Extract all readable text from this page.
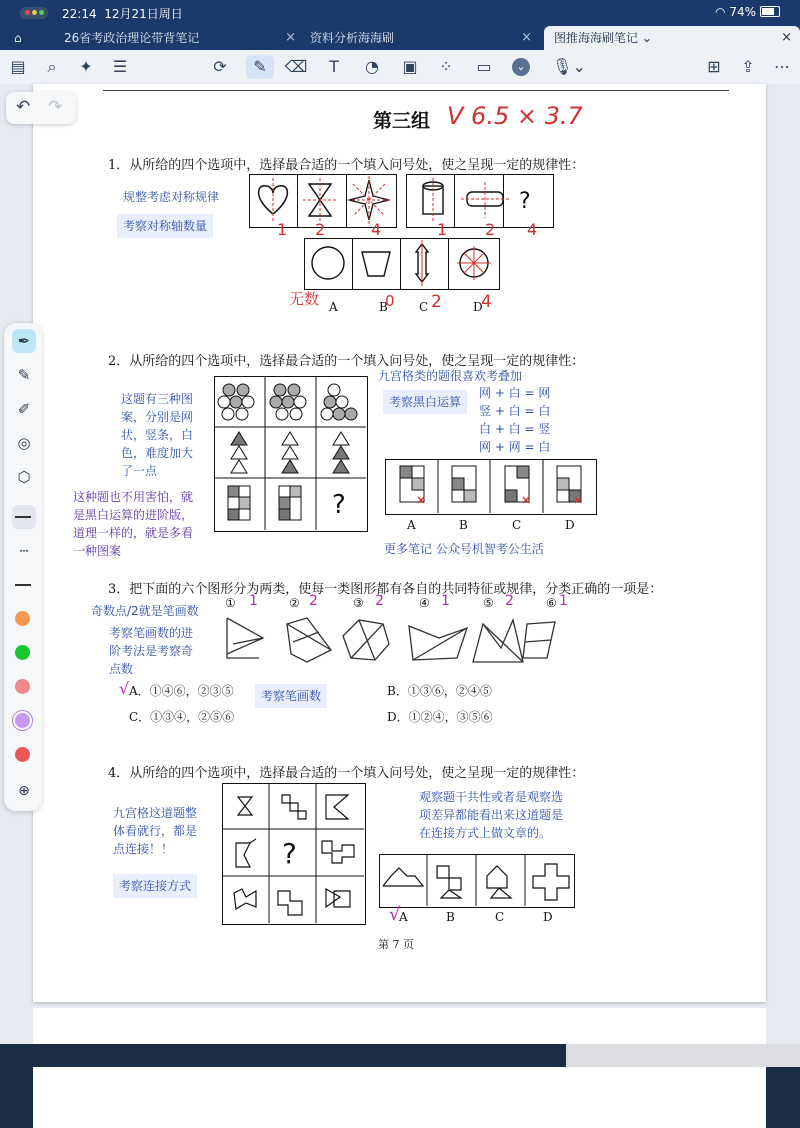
22:14 12月21日周日	◠ 74%
⌂	26省考政治理论带背笔记	×	资料分析海海刷	×	图推海海刷笔记 ⌄	×
▤	⌕	✦	☰	⟳	✎	⌫	T	◔	▣	⁘	▭	⌄ 🎙⌄	⊞	⇪	⋯
第三组 V 6.5 × 3.7
1．从所给的四个选项中，选择最合适的一个填入问号处，使之呈现一定的规律性：
规整考虑对称规律
考察对称轴数量
?
1 2	4	1 2 4
A	B	C	D
无数	0 2 4
2．从所给的四个选项中，选择最合适的一个填入问号处，使之呈现一定的规律性：
九宫格类的题很喜欢考叠加
考察黑白运算
网 + 白 = 网
竖 + 白 = 白
白 + 白 = 竖
网 + 网 = 白
这题有三种图
案，分别是网
状，竖条，白
色，难度加大
了一点
这种题也不用害怕，就
是黑白运算的进阶版，
道理一样的，就是多看
一种图案
?
A	B	C	D
更多笔记 公众号机智考公生活
3．把下面的六个图形分为两类，使每一类图形都有各自的共同特征或规律，分类正确的一项是：
奇数点/2就是笔画数
考察笔画数的进
阶考法是考察奇
点数
考察笔画数
①	②	③	④	⑤	⑥
1	2	2	1	2	1
√ A．①④⑥，②③⑤	B．①③⑥，②④⑤
C．①③④，②⑤⑥	D．①②④，③⑤⑥
4．从所给的四个选项中，选择最合适的一个填入问号处，使之呈现一定的规律性：
九宫格这道题整
体看就行，都是
点连接！！
考察连接方式
观察题干共性或者是观察选
项差异都能看出来这道题是
在连接方式上做文章的。
?
√
A	B	C	D
第 7 页
↶ ↷
✒
✎
✐
◎
⬡
┄
⊕
